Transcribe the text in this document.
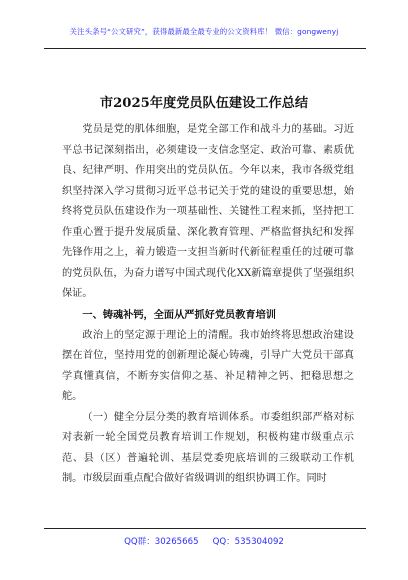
关注头条号“公文研究”，获得最新最全最专业的公文资料库！ 微信：gongwenyj
市2025年度党员队伍建设工作总结

党员是党的肌体细胞，是党全部工作和战斗力的基础。习近平总书记深刻指出，必须建设一支信念坚定、政治可靠、素质优良、纪律严明、作用突出的党员队伍。今年以来，我市各级党组织坚持深入学习贯彻习近平总书记关于党的建设的重要思想，始终将党员队伍建设作为一项基础性、关键性工程来抓，坚持把工作重心置于提升发展质量、深化教育管理、严格监督执纪和发挥先锋作用之上，着力锻造一支担当新时代新征程重任的过硬可靠的党员队伍，为奋力谱写中国式现代化XX新篇章提供了坚强组织保证。

一、铸魂补钙，全面从严抓好党员教育培训

政治上的坚定源于理论上的清醒。我市始终将思想政治建设摆在首位，坚持用党的创新理论凝心铸魂，引导广大党员干部真学真懂真信，不断夯实信仰之基、补足精神之钙、把稳思想之舵。

（一）健全分层分类的教育培训体系。市委组织部严格对标对表新一轮全国党员教育培训工作规划，积极构建市级重点示范、县（区）普遍轮训、基层党委兜底培训的三级联动工作机制。市级层面重点配合做好省级调训的组织协调工作。同时

QQ群：30265665 QQ：535304092
